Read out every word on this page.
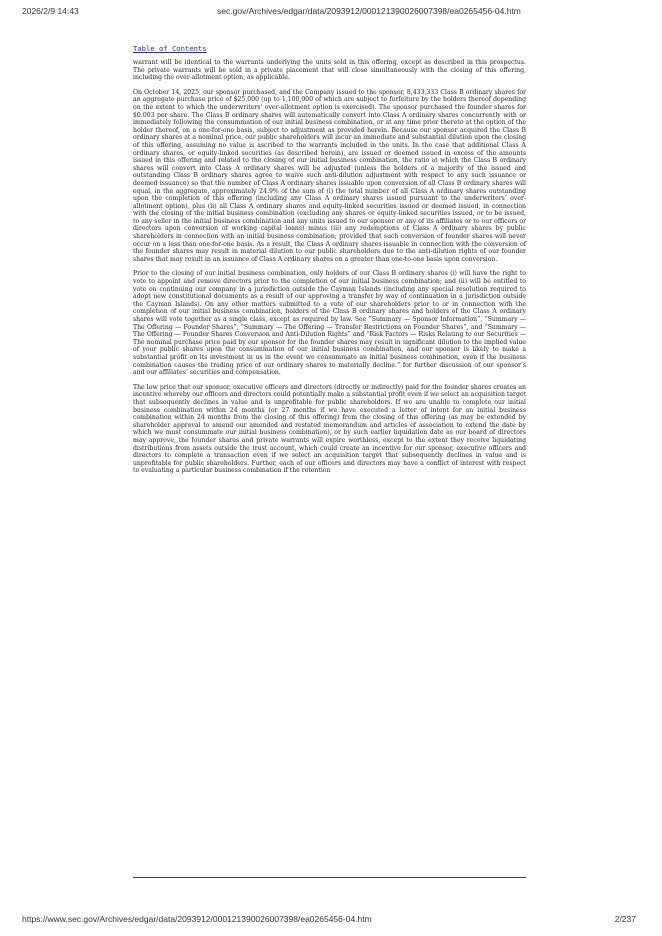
2026/2/9 14:43	sec.gov/Archives/edgar/data/2093912/000121390026007398/ea0265456-04.htm
Table of Contents

warrant will be identical to the warrants underlying the units sold in this offering, except as described in this prospectus. The private warrants will be sold in a private placement that will close simultaneously with the closing of this offering, including the over-allotment option, as applicable.

On October 14, 2025, our sponsor purchased, and the Company issued to the sponsor, 8,433,333 Class B ordinary shares for an aggregate purchase price of $25,000 (up to 1,100,000 of which are subject to forfeiture by the holders thereof depending on the extent to which the underwriters’ over-allotment option is exercised). The sponsor purchased the founder shares for $0.003 per share. The Class B ordinary shares will automatically convert into Class A ordinary shares concurrently with or immediately following the consummation of our initial business combination, or at any time prior thereto at the option of the holder thereof, on a one-for-one basis, subject to adjustment as provided herein. Because our sponsor acquired the Class B ordinary shares at a nominal price, our public shareholders will incur an immediate and substantial dilution upon the closing of this offering, assuming no value is ascribed to the warrants included in the units. In the case that additional Class A ordinary shares, or equity-linked securities (as described herein), are issued or deemed issued in excess of the amounts issued in this offering and related to the closing of our initial business combination, the ratio at which the Class B ordinary shares will convert into Class A ordinary shares will be adjusted (unless the holders of a majority of the issued and outstanding Class B ordinary shares agree to waive such anti-dilution adjustment with respect to any such issuance or deemed issuance) so that the number of Class A ordinary shares issuable upon conversion of all Class B ordinary shares will equal, in the aggregate, approximately 24.9% of the sum of (i) the total number of all Class A ordinary shares outstanding upon the completion of this offering (including any Class A ordinary shares issued pursuant to the underwriters’ over-allotment option), plus (ii) all Class A ordinary shares and equity-linked securities issued or deemed issued, in connection with the closing of the initial business combination (excluding any shares or equity-linked securities issued, or to be issued, to any seller in the initial business combination and any units issued to our sponsor or any of its affiliates or to our officers or directors upon conversion of working capital loans) minus (iii) any redemptions of Class A ordinary shares by public shareholders in connection with an initial business combination; provided that such conversion of founder shares will never occur on a less than one-for-one basis. As a result, the Class A ordinary shares issuable in connection with the conversion of the founder shares may result in material dilution to our public shareholders due to the anti-dilution rights of our founder shares that may result in an issuance of Class A ordinary shares on a greater than one-to-one basis upon conversion.

Prior to the closing of our initial business combination, only holders of our Class B ordinary shares (i) will have the right to vote to appoint and remove directors prior to the completion of our initial business combination; and (ii) will be entitled to vote on continuing our company in a jurisdiction outside the Cayman Islands (including any special resolution required to adopt new constitutional documents as a result of our approving a transfer by way of continuation in a jurisdiction outside the Cayman Islands). On any other matters submitted to a vote of our shareholders prior to or in connection with the completion of our initial business combination, holders of the Class B ordinary shares and holders of the Class A ordinary shares will vote together as a single class, except as required by law. See “Summary — Sponsor Information”, “Summary — The Offering — Founder Shares”, “Summary — The Offering — Transfer Restrictions on Founder Shares”, and “Summary — The Offering — Founder Shares Conversion and Anti-Dilution Rights” and “Risk Factors — Risks Relating to our Securities — The nominal purchase price paid by our sponsor for the founder shares may result in significant dilution to the implied value of your public shares upon the consummation of our initial business combination, and our sponsor is likely to make a substantial profit on its investment in us in the event we consummate an initial business combination, even if the business combination causes the trading price of our ordinary shares to materially decline.” for further discussion of our sponsor’s and our affiliates’ securities and compensation.

The low price that our sponsor, executive officers and directors (directly or indirectly) paid for the founder shares creates an incentive whereby our officers and directors could potentially make a substantial profit even if we select an acquisition target that subsequently declines in value and is unprofitable for public shareholders. If we are unable to complete our initial business combination within 24 months (or 27 months if we have executed a letter of intent for an initial business combination within 24 months from the closing of this offering) from the closing of this offering (as may be extended by shareholder approval to amend our amended and restated memorandum and articles of association to extend the date by which we must consummate our initial business combination), or by such earlier liquidation date as our board of directors may approve, the founder shares and private warrants will expire worthless, except to the extent they receive liquidating distributions from assets outside the trust account, which could create an incentive for our sponsor, executive officers and directors to complete a transaction even if we select an acquisition target that subsequently declines in value and is unprofitable for public shareholders. Further, each of our officers and directors may have a conflict of interest with respect to evaluating a particular business combination if the retention

https://www.sec.gov/Archives/edgar/data/2093912/000121390026007398/ea0265456-04.htm	2/237
